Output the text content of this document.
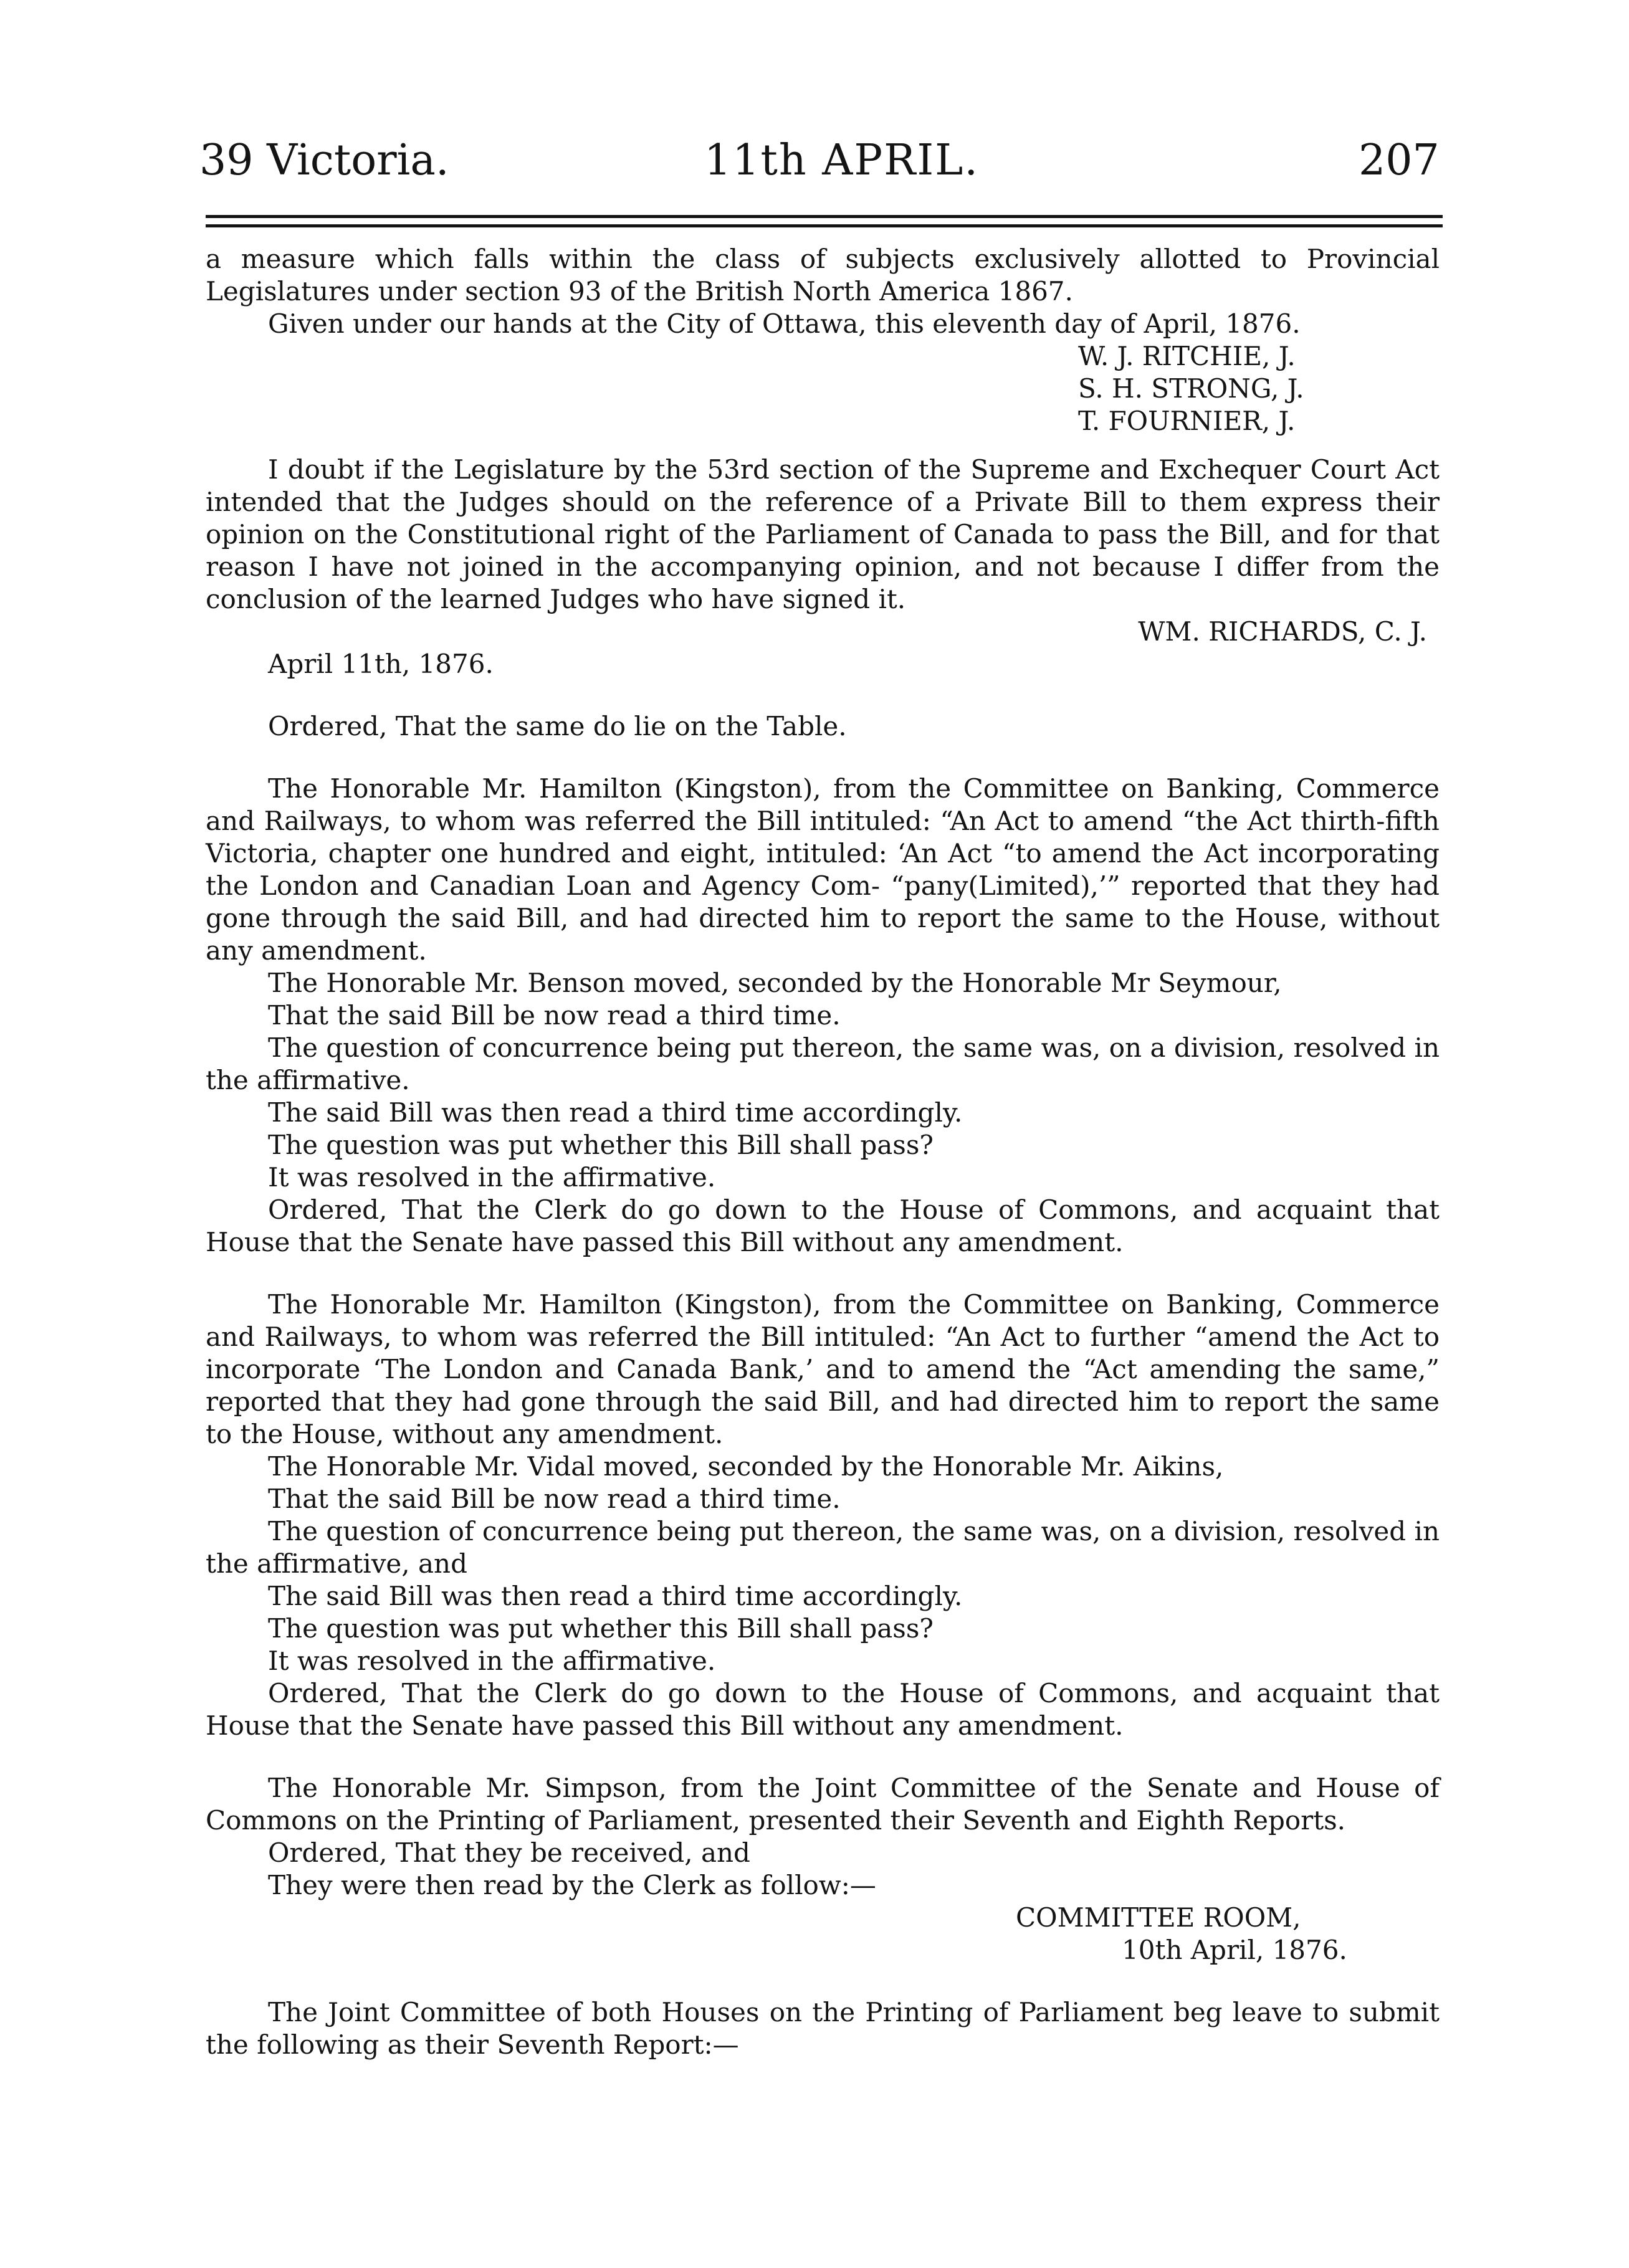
39 Victoria.	11th APRIL.	207

a measure which falls within the class of subjects exclusively allotted to Provincial Legislatures under section 93 of the British North America 1867.

Given under our hands at the City of Ottawa, this eleventh day of April, 1876.

W. J. RITCHIE, J.

S. H. STRONG, J.

T. FOURNIER, J.

I doubt if the Legislature by the 53rd section of the Supreme and Exchequer Court Act intended that the Judges should on the reference of a Private Bill to them express their opinion on the Constitutional right of the Parliament of Canada to pass the Bill, and for that reason I have not joined in the accompanying opinion, and not because I differ from the conclusion of the learned Judges who have signed it.

WM. RICHARDS, C. J.

April 11th, 1876.

Ordered, That the same do lie on the Table.

The Honorable Mr. Hamilton (Kingston), from the Committee on Banking, Commerce and Railways, to whom was referred the Bill intituled: “An Act to amend “the Act thirth-fifth Victoria, chapter one hundred and eight, intituled: ‘An Act “to amend the Act incorporating the London and Canadian Loan and Agency Com- “pany(Limited),’” reported that they had gone through the said Bill, and had directed him to report the same to the House, without any amendment.

The Honorable Mr. Benson moved, seconded by the Honorable Mr Seymour,

That the said Bill be now read a third time.

The question of concurrence being put thereon, the same was, on a division, resolved in the affirmative.

The said Bill was then read a third time accordingly.

The question was put whether this Bill shall pass?

It was resolved in the affirmative.

Ordered, That the Clerk do go down to the House of Commons, and acquaint that House that the Senate have passed this Bill without any amendment.

The Honorable Mr. Hamilton (Kingston), from the Committee on Banking, Commerce and Railways, to whom was referred the Bill intituled: “An Act to further “amend the Act to incorporate ‘The London and Canada Bank,’ and to amend the “Act amending the same,” reported that they had gone through the said Bill, and had directed him to report the same to the House, without any amendment.

The Honorable Mr. Vidal moved, seconded by the Honorable Mr. Aikins,

That the said Bill be now read a third time.

The question of concurrence being put thereon, the same was, on a division, resolved in the affirmative, and

The said Bill was then read a third time accordingly.

The question was put whether this Bill shall pass?

It was resolved in the affirmative.

Ordered, That the Clerk do go down to the House of Commons, and acquaint that House that the Senate have passed this Bill without any amendment.

The Honorable Mr. Simpson, from the Joint Committee of the Senate and House of Commons on the Printing of Parliament, presented their Seventh and Eighth Reports.

Ordered, That they be received, and

They were then read by the Clerk as follow:—

COMMITTEE ROOM,

10th April, 1876.

The Joint Committee of both Houses on the Printing of Parliament beg leave to submit the following as their Seventh Report:—
